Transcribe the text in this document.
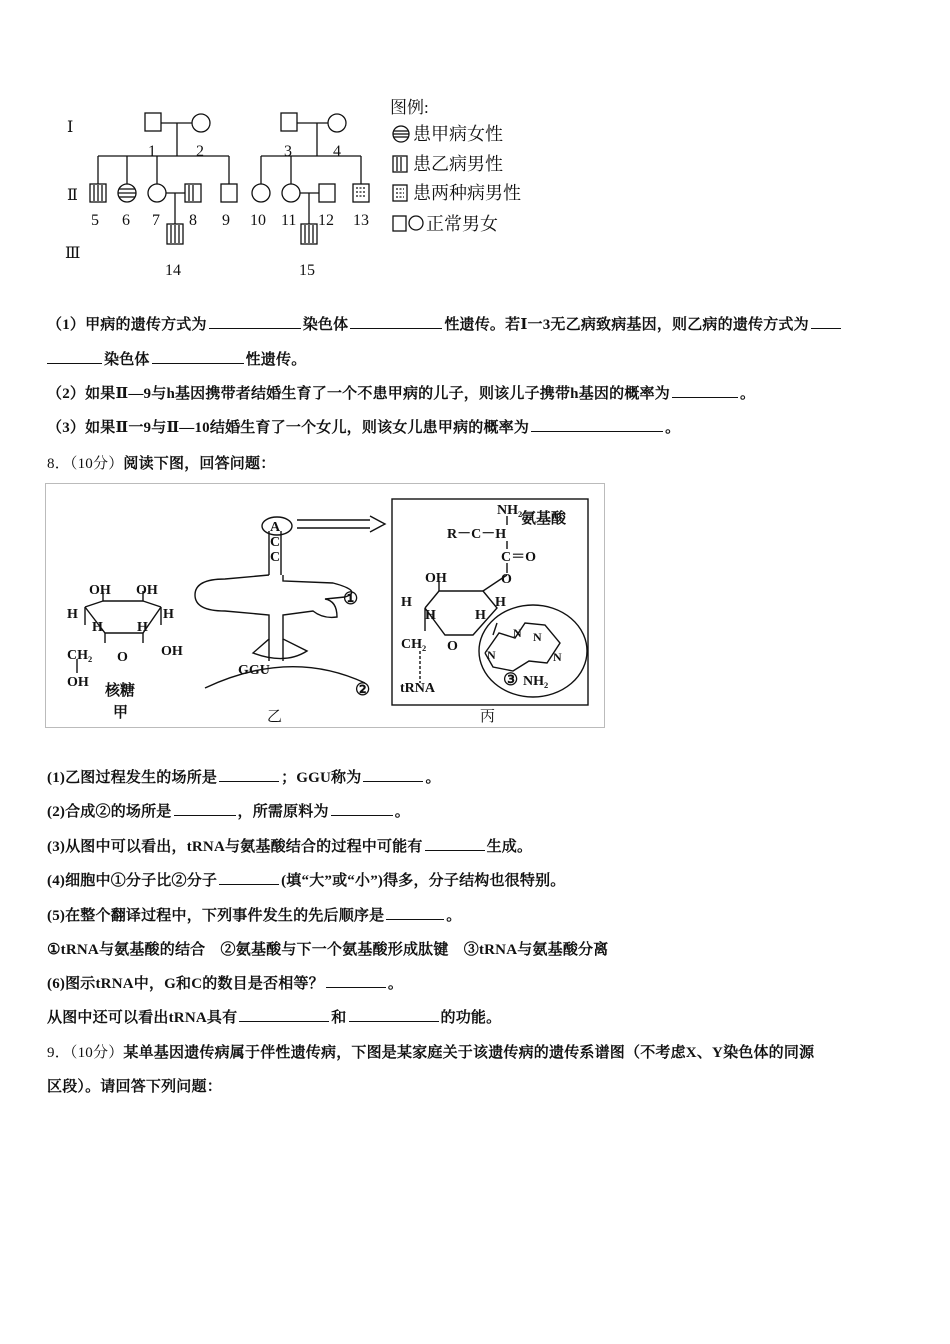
Ⅰ
Ⅱ
Ⅲ
1	2	3	4
5 6 7 8 9 10 11 12 13
14	15
图例:
患甲病女性
患乙病男性
患两种病男性
正常男女
（1）甲病的遗传方式为	染色体	性遗传。若Ⅰ一3无乙病致病基因，则乙病的遗传方式为
染色体	性遗传。
（2）如果Ⅱ—9与h基因携带者结婚生育了一个不患甲病的儿子，则该儿子携带h基因的概率为	。
（3）如果Ⅱ一9与Ⅱ—10结婚生育了一个女儿，则该女儿患甲病的概率为	。
8．（10分）阅读下图，回答问题：
OH OH
H
H H
H
CH₂ O OH
OH
核糖
甲
A
C
C
①
GGU
②
乙
NH₂
氨基酸
R－C－H
C＝O
O
OH
H
H	H
H
CH₂ O
N
N
N	N
③ NH₂
tRNA
丙
(1)乙图过程发生的场所是	；GGU称为	。
(2)合成②的场所是	，所需原料为	。
(3)从图中可以看出，tRNA与氨基酸结合的过程中可能有	生成。
(4)细胞中①分子比②分子	(填“大”或“小”)得多，分子结构也很特别。
(5)在整个翻译过程中，下列事件发生的先后顺序是	。
①tRNA与氨基酸的结合　②氨基酸与下一个氨基酸形成肽键　③tRNA与氨基酸分离
(6)图示tRNA中，G和C的数目是否相等？	。
从图中还可以看出tRNA具有	和	的功能。
9．（10分）某单基因遗传病属于伴性遗传病，下图是某家庭关于该遗传病的遗传系谱图（不考虑X、Y染色体的同源
区段）。请回答下列问题：
